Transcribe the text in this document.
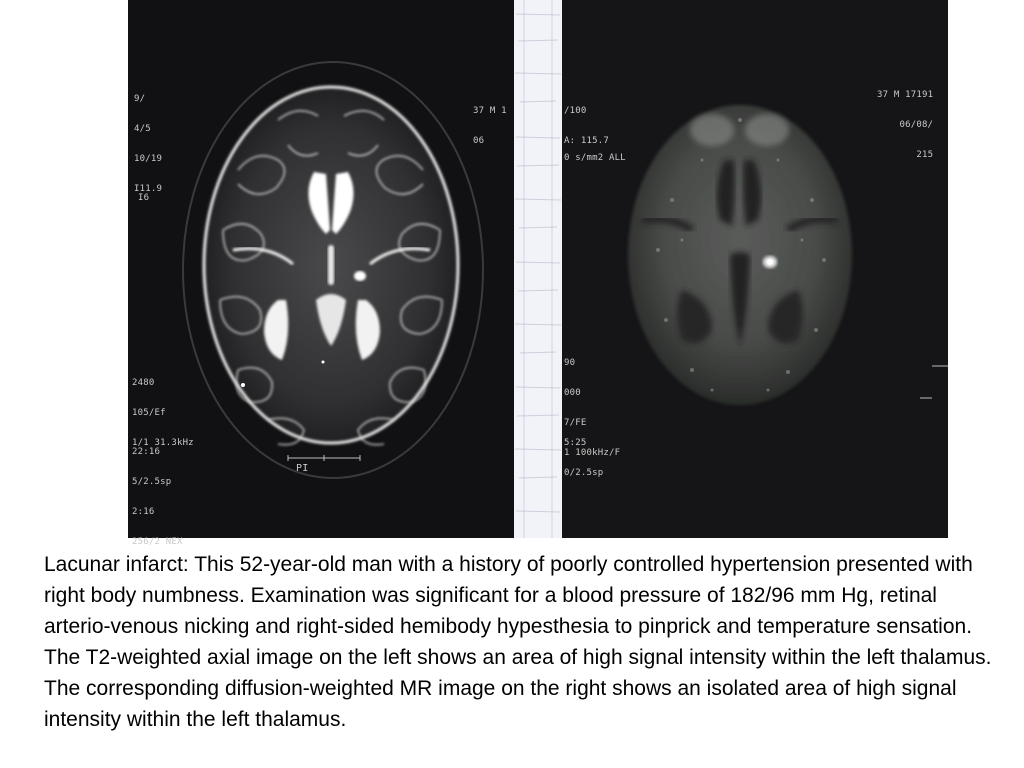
9/

4/5

10/19

I11.9

37 M 1

06

I6

2480

105/Ef

1/1 31.3kHz

22:16

5/2.5sp

2:16

256/2 NEX

PI

37 M 17191

06/08/

215

/100

A: 115.7

0 s/mm2 ALL

90

000

7/FE

1 100kHz/F

5:25

0/2.5sp

Lacunar infarct: This 52-year-old man with a history of poorly controlled hypertension presented with right body numbness. Examination was significant for a blood pressure of 182/96 mm Hg, retinal arterio-venous nicking and right-sided hemibody hypesthesia to pinprick and temperature sensation. The T2-weighted axial image on the left shows an area of high signal intensity within the left thalamus. The corresponding diffusion-weighted MR image on the right shows an isolated area of high signal intensity within the left thalamus.
